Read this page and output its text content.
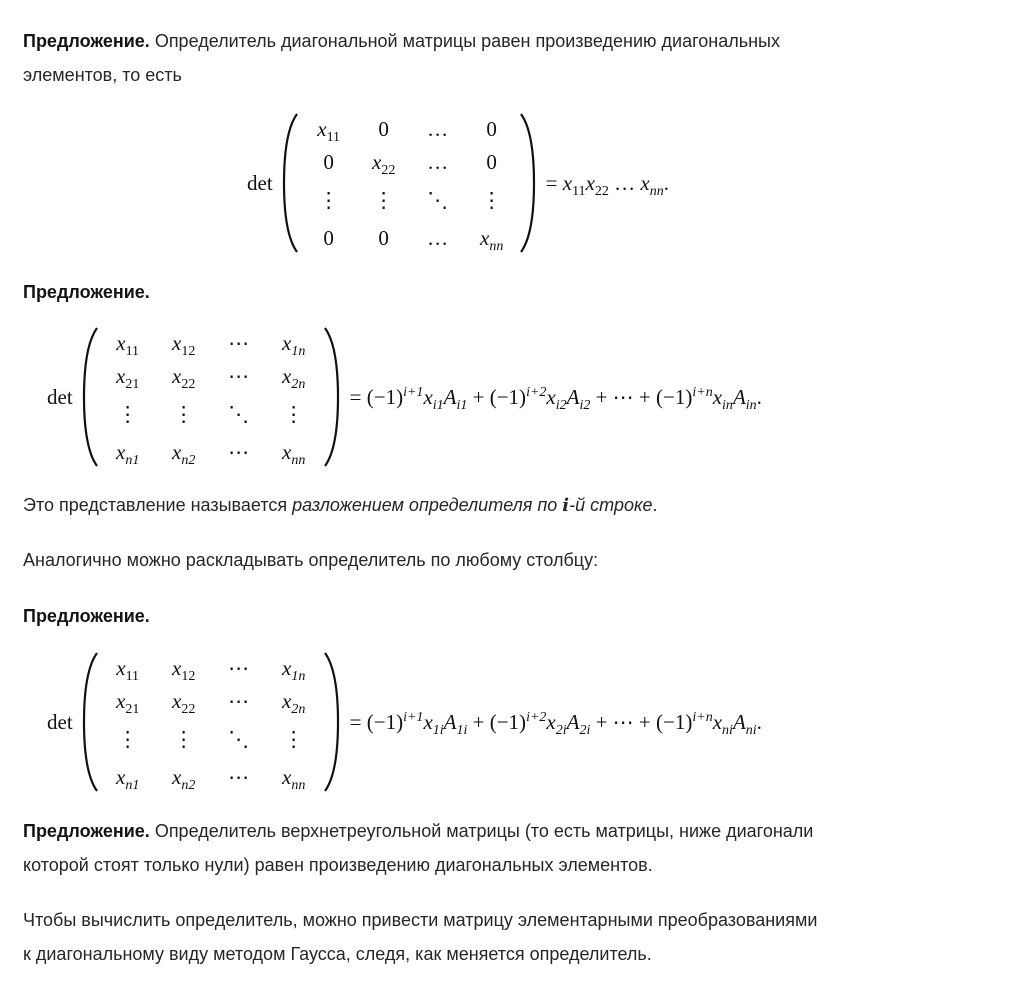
Предложение. Определитель диагональной матрицы равен произведению диагональных
элементов, то есть
det
$x_{11}$ 0 … 0
0 $x_{22}$ … 0
⋮ ⋮ ⋱ ⋮
0 0 … $x_{nn}$
= $x_{11}x_{22}$ … $x_{nn}$.
Предложение.
det
$x_{11}$ $x_{12}$ ⋯ $x_{1n}$
$x_{21}$ $x_{22}$ ⋯ $x_{2n}$
⋮ ⋮ ⋱ ⋮
$x_{n1}$ $x_{n2}$ ⋯ $x_{nn}$
= $(-1)^{i+1}x_{i1}A_{i1} + (-1)^{i+2}x_{i2}A_{i2}$ + ⋯ + $(-1)^{i+n}x_{in}A_{in}$.
Это представление называется разложением определителя по i-й строке.
Аналогично можно раскладывать определитель по любому столбцу:
Предложение.
det
$x_{11}$ $x_{12}$ ⋯ $x_{1n}$
$x_{21}$ $x_{22}$ ⋯ $x_{2n}$
⋮ ⋮ ⋱ ⋮
$x_{n1}$ $x_{n2}$ ⋯ $x_{nn}$
= $(-1)^{i+1}x_{1i}A_{1i} + (-1)^{i+2}x_{2i}A_{2i}$ + ⋯ + $(-1)^{i+n}x_{ni}A_{ni}$.
Предложение. Определитель верхнетреугольной матрицы (то есть матрицы, ниже диагонали
которой стоят только нули) равен произведению диагональных элементов.
Чтобы вычислить определитель, можно привести матрицу элементарными преобразованиями
к диагональному виду методом Гаусса, следя, как меняется определитель.
